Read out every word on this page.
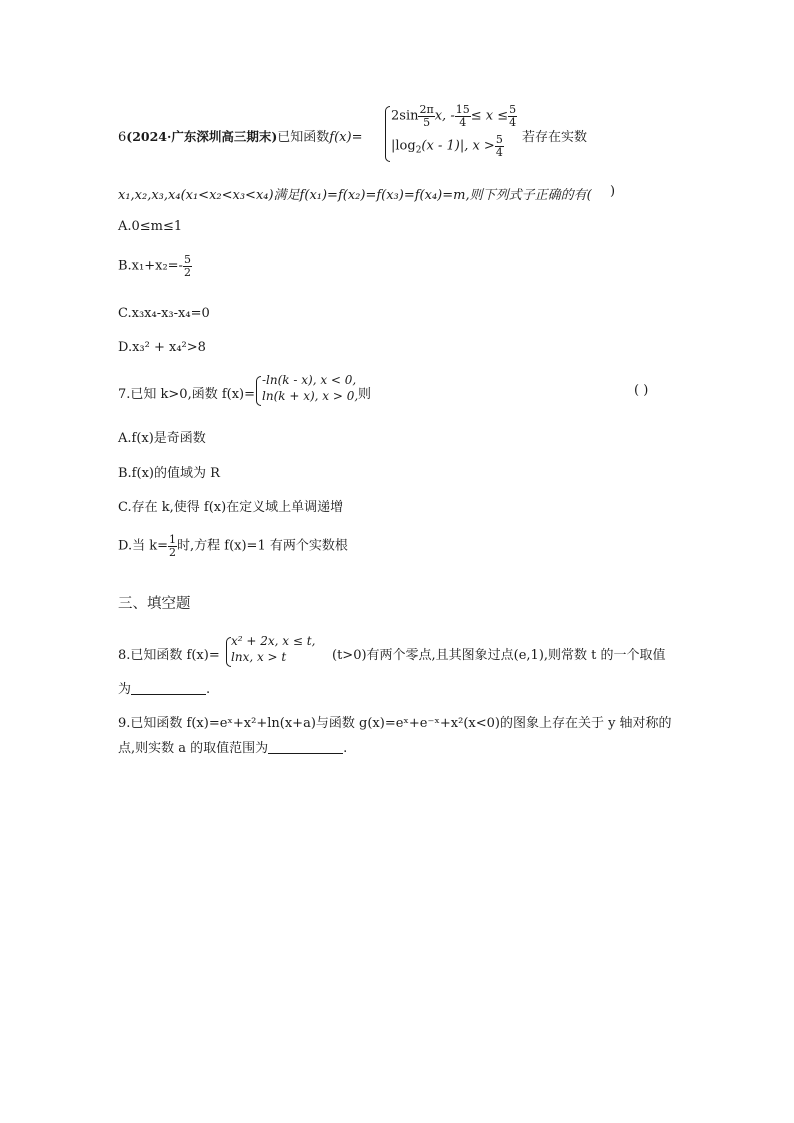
6(2024·广东深圳高三期末)已知函数f(x)=
$2\sin \frac{2\pi}{5} x$, - $\frac{15}{4} \le x \le \frac{5}{4}$
$|\log_2(x - 1)|$, $x > \frac{5}{4}$ 若存在实数
x₁,x₂,x₃,x₄(x₁<x₂<x₃<x₄)满足f(x₁)=f(x₂)=f(x₃)=f(x₄)=m,则下列式子正确的有( )
A.0≤m≤1
$B.x_1+x_2=- \frac{5}{2}$
C.x₃x₄-x₃-x₄=0
D.x₃² + x₄²>8
7.已知 k>0,函数 f(x)=
-ln(k - x), x < 0,
ln(k + x), x > 0, 则	( )
A.f(x)是奇函数
B.f(x)的值域为 R
C.存在 k,使得 f(x)在定义域上单调递增
D.当 $k= \frac{1}{2}$ 时,方程 f(x)=1 有两个实数根
三、填空题
8.已知函数 f(x)=
x² + 2x, x ≤ t,
lnx, x > t	(t>0)有两个零点,且其图象过点(e,1),则常数 t 的一个取值
为	.
9.已知函数 f(x)=eˣ+x²+ln(x+a)与函数 g(x)=eˣ+e⁻ˣ+x²(x<0)的图象上存在关于 y 轴对称的
点,则实数 a 的取值范围为	.
